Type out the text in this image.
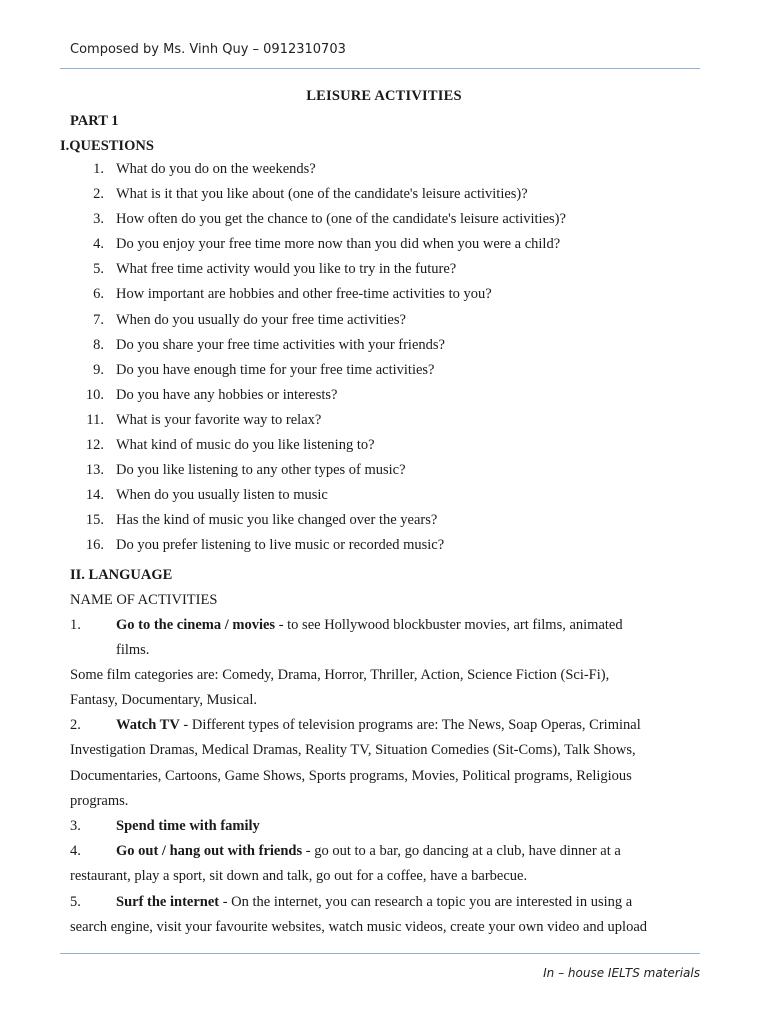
Composed by Ms. Vinh Quy – 0912310703
LEISURE ACTIVITIES
PART 1
I.QUESTIONS
1. What do you do on the weekends?
2. What is it that you like about (one of the candidate's leisure activities)?
3. How often do you get the chance to (one of the candidate's leisure activities)?
4. Do you enjoy your free time more now than you did when you were a child?
5. What free time activity would you like to try in the future?
6. How important are hobbies and other free-time activities to you?
7. When do you usually do your free time activities?
8. Do you share your free time activities with your friends?
9. Do you have enough time for your free time activities?
10. Do you have any hobbies or interests?
11. What is your favorite way to relax?
12. What kind of music do you like listening to?
13. Do you like listening to any other types of music?
14. When do you usually listen to music
15. Has the kind of music you like changed over the years?
16. Do you prefer listening to live music or recorded music?
II. LANGUAGE
NAME OF ACTIVITIES
1. Go to the cinema / movies - to see Hollywood blockbuster movies, art films, animated
films.
Some film categories are: Comedy, Drama, Horror, Thriller, Action, Science Fiction (Sci-Fi),
Fantasy, Documentary, Musical.
2. Watch TV - Different types of television programs are: The News, Soap Operas, Criminal
Investigation Dramas, Medical Dramas, Reality TV, Situation Comedies (Sit-Coms), Talk Shows,
Documentaries, Cartoons, Game Shows, Sports programs, Movies, Political programs, Religious
programs.
3. Spend time with family
4. Go out / hang out with friends - go out to a bar, go dancing at a club, have dinner at a
restaurant, play a sport, sit down and talk, go out for a coffee, have a barbecue.
5. Surf the internet - On the internet, you can research a topic you are interested in using a
search engine, visit your favourite websites, watch music videos, create your own video and upload
In – house IELTS materials
